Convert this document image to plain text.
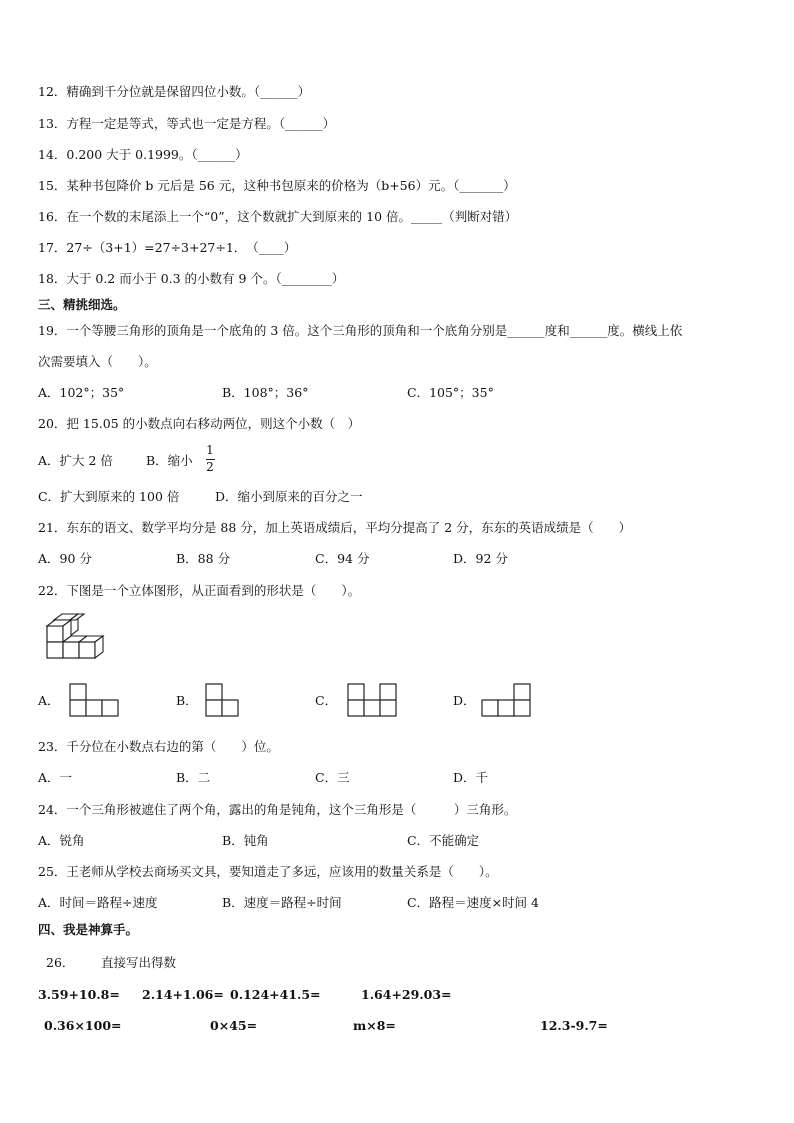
12．精确到千分位就是保留四位小数。（______）
13．方程一定是等式，等式也一定是方程。（______）
14．0.200 大于 0.1999。（______）
15．某种书包降价 b 元后是 56 元，这种书包原来的价格为（b+56）元。（_______）
16．在一个数的末尾添上一个“0”，这个数就扩大到原来的 10 倍。_____（判断对错）
17．27÷（3+1）=27÷3+27÷1．　（____）
18．大于 0.2 而小于 0.3 的小数有 9 个。（________）
三、精挑细选。
19．一个等腰三角形的顶角是一个底角的 3 倍。这个三角形的顶角和一个底角分别是______度和______度。横线上依
次需要填入（　　）。
A．102°；35°	B．108°；36°	C．105°；35°
20．把 15.05 的小数点向右移动两位，则这个小数（　）
A．扩大 2 倍	B．缩小
1
2
C．扩大到原来的 100 倍	D．缩小到原来的百分之一
21．东东的语文、数学平均分是 88 分，加上英语成绩后，平均分提高了 2 分，东东的英语成绩是（　　）
A．90 分	B．88 分	C．94 分	D．92 分
22．下图是一个立体图形，从正面看到的形状是（　　）。
A．	B．	C．	D．
23．千分位在小数点右边的第（　　）位。
A．一	B．二	C．三	D．千
24．一个三角形被遮住了两个角，露出的角是钝角，这个三角形是（　　　）三角形。
A．锐角	B．钝角	C．不能确定
25．王老师从学校去商场买文具，要知道走了多远，应该用的数量关系是（　　）。
A．时间＝路程÷速度	B．速度＝路程÷时间	C．路程＝速度×时间 4
四、我是神算手。
26． 直接写出得数
3.59+10.8= 2.14+1.06= 0.124+41.5=	1.64+29.03=
0.36×100=	0×45=	m×8=	12.3-9.7=
